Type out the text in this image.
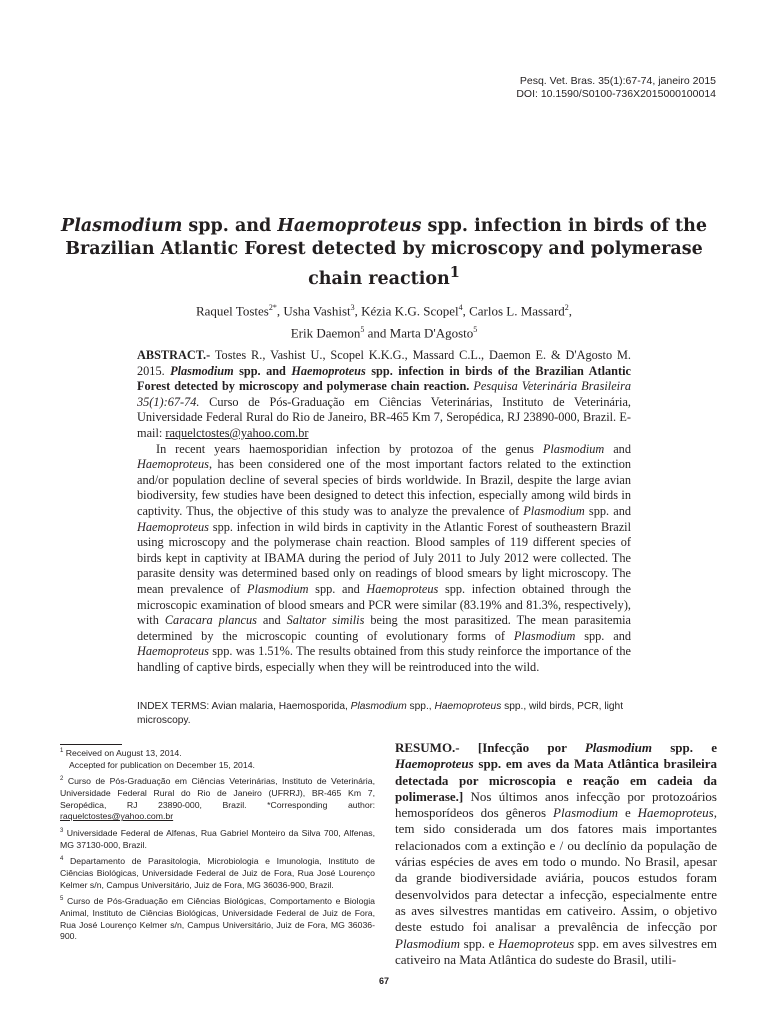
Pesq. Vet. Bras. 35(1):67-74, janeiro 2015
DOI: 10.1590/S0100-736X2015000100014
Plasmodium spp. and Haemoproteus spp. infection in birds of the Brazilian Atlantic Forest detected by microscopy and polymerase chain reaction$^1$
Raquel Tostes$^{2*}$, Usha Vashist$^3$, Kézia K.G. Scopel$^4$, Carlos L. Massard$^2$,
Erik Daemon$^5$ and Marta D'Agosto$^5$

ABSTRACT.- Tostes R., Vashist U., Scopel K.K.G., Massard C.L., Daemon E. & D'Agosto M. 2015. Plasmodium spp. and Haemoproteus spp. infection in birds of the Brazilian Atlantic Forest detected by microscopy and polymerase chain reaction. Pesquisa Veterinária Brasileira 35(1):67-74. Curso de Pós-Graduação em Ciências Veterinárias, Instituto de Veterinária, Universidade Federal Rural do Rio de Janeiro, BR-465 Km 7, Seropédica, RJ 23890-000, Brazil. E-mail: raquelctostes@yahoo.com.br

In recent years haemosporidian infection by protozoa of the genus Plasmodium and Haemoproteus, has been considered one of the most important factors related to the extinction and/or population decline of several species of birds worldwide. In Brazil, despite the large avian biodiversity, few studies have been designed to detect this infection, especially among wild birds in captivity. Thus, the objective of this study was to analyze the prevalence of Plasmodium spp. and Haemoproteus spp. infection in wild birds in captivity in the Atlantic Forest of southeastern Brazil using microscopy and the polymerase chain reaction. Blood samples of 119 different species of birds kept in captivity at IBAMA during the period of July 2011 to July 2012 were collected. The parasite density was determined based only on readings of blood smears by light microscopy. The mean prevalence of Plasmodium spp. and Haemoproteus spp. infection obtained through the microscopic examination of blood smears and PCR were similar (83.19% and 81.3%, respectively), with Caracara plancus and Saltator similis being the most parasitized. The mean parasitemia determined by the microscopic counting of evolutionary forms of Plasmodium spp. and Haemoproteus spp. was 1.51%. The results obtained from this study reinforce the importance of the handling of captive birds, especially when they will be reintroduced into the wild.

INDEX TERMS: Avian malaria, Haemosporida, Plasmodium spp., Haemoproteus spp., wild birds, PCR, light microscopy.

$^1$ Received on August 13, 2014.

Accepted for publication on December 15, 2014.

$^2$ Curso de Pós-Graduação em Ciências Veterinárias, Instituto de Veterinária, Universidade Federal Rural do Rio de Janeiro (UFRRJ), BR-465 Km 7, Seropédica, RJ 23890-000, Brazil. *Corresponding author: raquelctostes@yahoo.com.br

$^3$ Universidade Federal de Alfenas, Rua Gabriel Monteiro da Silva 700, Alfenas, MG 37130-000, Brazil.

$^4$ Departamento de Parasitologia, Microbiologia e Imunologia, Instituto de Ciências Biológicas, Universidade Federal de Juiz de Fora, Rua José Lourenço Kelmer s/n, Campus Universitário, Juiz de Fora, MG 36036-900, Brazil.

$^5$ Curso de Pós-Graduação em Ciências Biológicas, Comportamento e Biologia Animal, Instituto de Ciências Biológicas, Universidade Federal de Juiz de Fora, Rua José Lourenço Kelmer s/n, Campus Universitário, Juiz de Fora, MG 36036-900.

RESUMO.- [Infecção por Plasmodium spp. e Haemoproteus spp. em aves da Mata Atlântica brasileira detectada por microscopia e reação em cadeia da polimerase.] Nos últimos anos infecção por protozoários hemosporídeos dos gêneros Plasmodium e Haemoproteus, tem sido considerada um dos fatores mais importantes relacionados com a extinção e / ou declínio da população de várias espécies de aves em todo o mundo. No Brasil, apesar da grande biodiversidade aviária, poucos estudos foram desenvolvidos para detectar a infecção, especialmente entre as aves silvestres mantidas em cativeiro. Assim, o objetivo deste estudo foi analisar a prevalência de infecção por Plasmodium spp. e Haemoproteus spp. em aves silvestres em cativeiro na Mata Atlântica do sudeste do Brasil, utili-

67
